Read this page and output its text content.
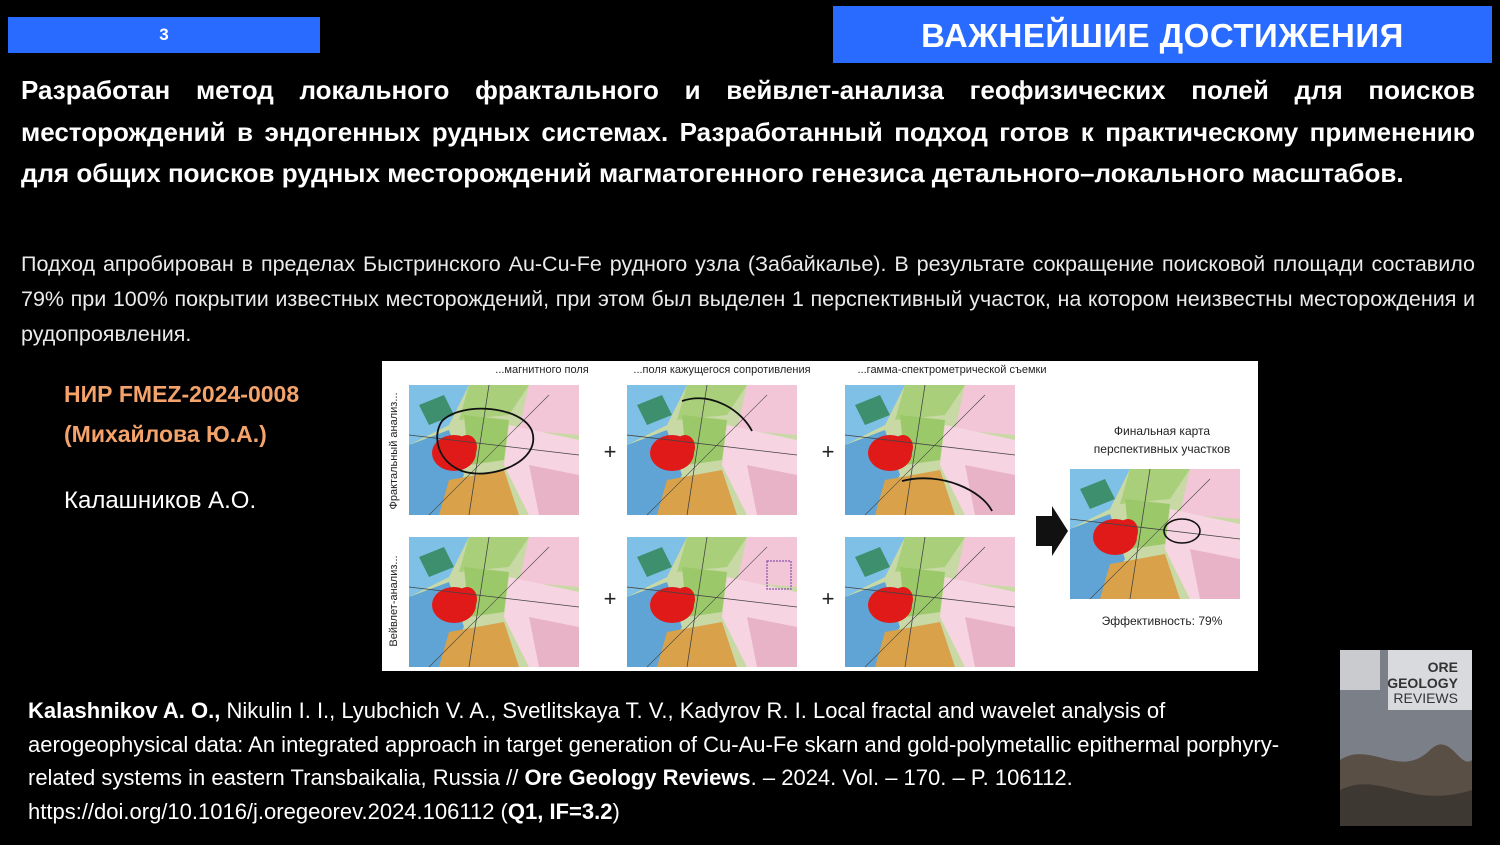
3	ВАЖНЕЙШИЕ ДОСТИЖЕНИЯ
Разработан метод локального фрактального и вейвлет-анализа геофизических полей для поисков месторождений в эндогенных рудных системах. Разработанный подход готов к практическому применению для общих поисков рудных месторождений магматогенного генезиса детального–локального масштабов.
Подход апробирован в пределах Быстринского Au-Cu-Fe рудного узла (Забайкалье). В результате сокращение поисковой площади составило 79% при 100% покрытии известных месторождений, при этом был выделен 1 перспективный участок, на котором неизвестны месторождения и рудопроявления.
НИР FMEZ-2024-0008
(Михайлова Ю.А.)
Калашников А.О.
...магнитного поля	...поля кажущегося сопротивления	...гамма-спектрометрической съемки
Фрактальный анализ...
Вейвлет-анализ...
+	+
+	+
Финальная карта
перспективных участков
Эффективность: 79%
Kalashnikov A. O., Nikulin I. I., Lyubchich V. A., Svetlitskaya T. V., Kadyrov R. I. Local fractal and wavelet analysis of aerogeophysical data: An integrated approach in target generation of Cu-Au-Fe skarn and gold-polymetallic epithermal porphyry-related systems in eastern Transbaikalia, Russia // Ore Geology Reviews. – 2024. Vol. – 170. – P. 106112. https://doi.org/10.1016/j.oregeorev.2024.106112 (Q1, IF=3.2)
ORE
GEOLOGY
REVIEWS
